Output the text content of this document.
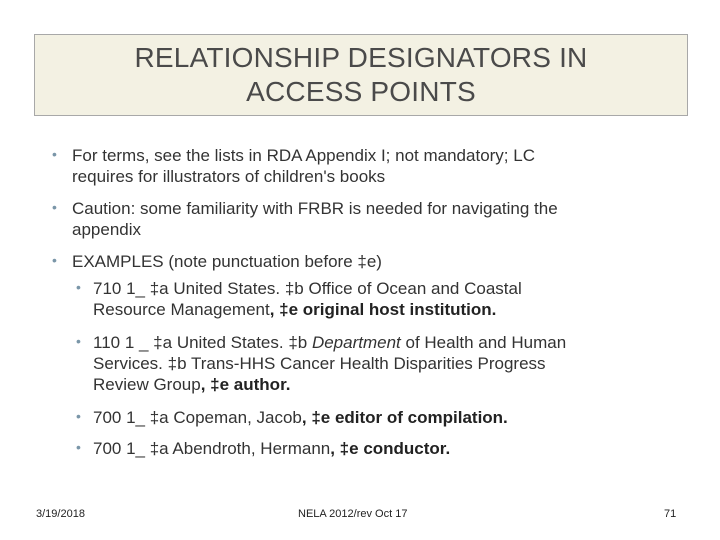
RELATIONSHIP DESIGNATORS IN
ACCESS POINTS
• For terms, see the lists in RDA Appendix I; not mandatory; LC
requires for illustrators of children's books
• Caution: some familiarity with FRBR is needed for navigating the
appendix
• EXAMPLES (note punctuation before ‡e)
• 710 1_ ‡a United States. ‡b Office of Ocean and Coastal
Resource Management, ‡e original host institution.
• 110 1 _ ‡a United States. ‡b Department of Health and Human
Services. ‡b Trans-HHS Cancer Health Disparities Progress
Review Group, ‡e author.
• 700 1_ ‡a Copeman, Jacob, ‡e editor of compilation.
• 700 1_ ‡a Abendroth, Hermann, ‡e conductor.
3/19/2018	NELA 2012/rev Oct 17	71
